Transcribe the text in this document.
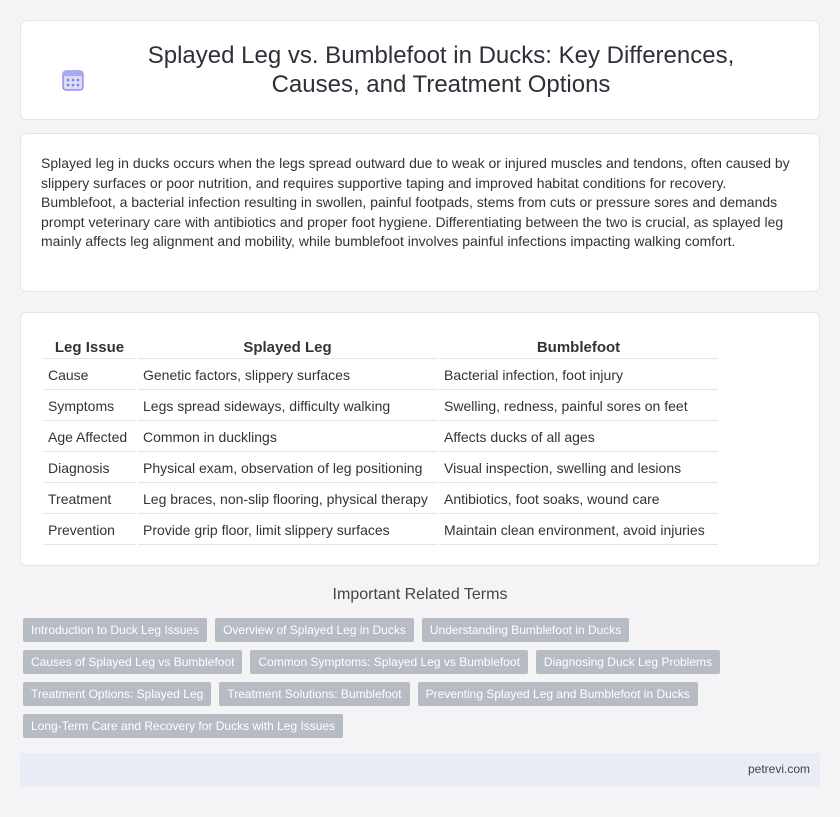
Splayed Leg vs. Bumblefoot in Ducks: Key Differences, Causes, and Treatment Options

Splayed leg in ducks occurs when the legs spread outward due to weak or injured muscles and tendons, often caused by slippery surfaces or poor nutrition, and requires supportive taping and improved habitat conditions for recovery. Bumblefoot, a bacterial infection resulting in swollen, painful footpads, stems from cuts or pressure sores and demands prompt veterinary care with antibiotics and proper foot hygiene. Differentiating between the two is crucial, as splayed leg mainly affects leg alignment and mobility, while bumblefoot involves painful infections impacting walking comfort.

Leg Issue	Splayed Leg	Bumblefoot
Cause	Genetic factors, slippery surfaces	Bacterial infection, foot injury
Symptoms	Legs spread sideways, difficulty walking	Swelling, redness, painful sores on feet
Age Affected	Common in ducklings	Affects ducks of all ages
Diagnosis	Physical exam, observation of leg positioning	Visual inspection, swelling and lesions
Treatment	Leg braces, non-slip flooring, physical therapy	Antibiotics, foot soaks, wound care
Prevention	Provide grip floor, limit slippery surfaces	Maintain clean environment, avoid injuries
Important Related Terms
Introduction to Duck Leg Issues	Overview of Splayed Leg in Ducks	Understanding Bumblefoot in Ducks
Causes of Splayed Leg vs Bumblefoot	Common Symptoms: Splayed Leg vs Bumblefoot	Diagnosing Duck Leg Problems
Treatment Options: Splayed Leg	Treatment Solutions: Bumblefoot	Preventing Splayed Leg and Bumblefoot in Ducks
Long-Term Care and Recovery for Ducks with Leg Issues
petrevi.com
